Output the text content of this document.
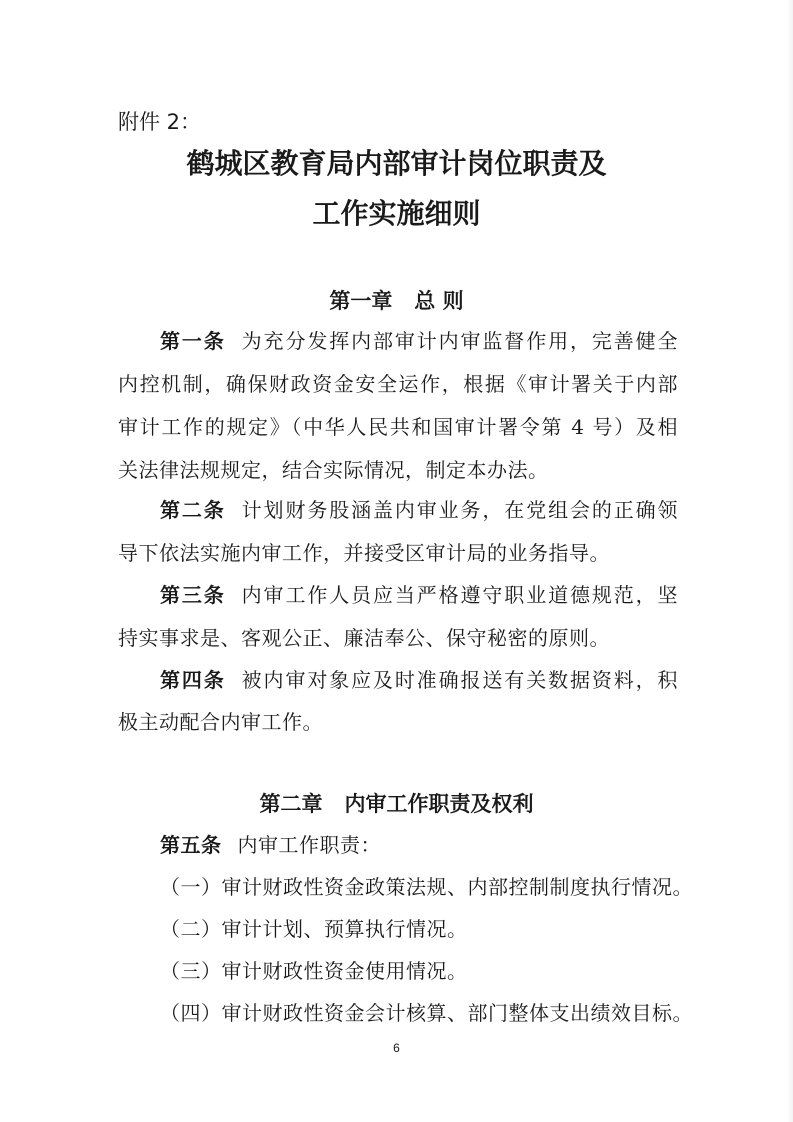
附件 2：
鹤城区教育局内部审计岗位职责及
工作实施细则
第一章   总 则
第一条 为充分发挥内部审计内审监督作用，完善健全
内控机制，确保财政资金安全运作，根据《审计署关于内部
审计工作的规定》（中华人民共和国审计署令第 4 号）及相
关法律法规规定，结合实际情况，制定本办法。
第二条 计划财务股涵盖内审业务，在党组会的正确领
导下依法实施内审工作，并接受区审计局的业务指导。
第三条 内审工作人员应当严格遵守职业道德规范，坚
持实事求是、客观公正、廉洁奉公、保守秘密的原则。
第四条 被内审对象应及时准确报送有关数据资料，积
极主动配合内审工作。
第二章   内审工作职责及权利
第五条 内审工作职责：
（一）审计财政性资金政策法规、内部控制制度执行情况。
（二）审计计划、预算执行情况。
（三）审计财政性资金使用情况。
（四）审计财政性资金会计核算、部门整体支出绩效目标。
6
